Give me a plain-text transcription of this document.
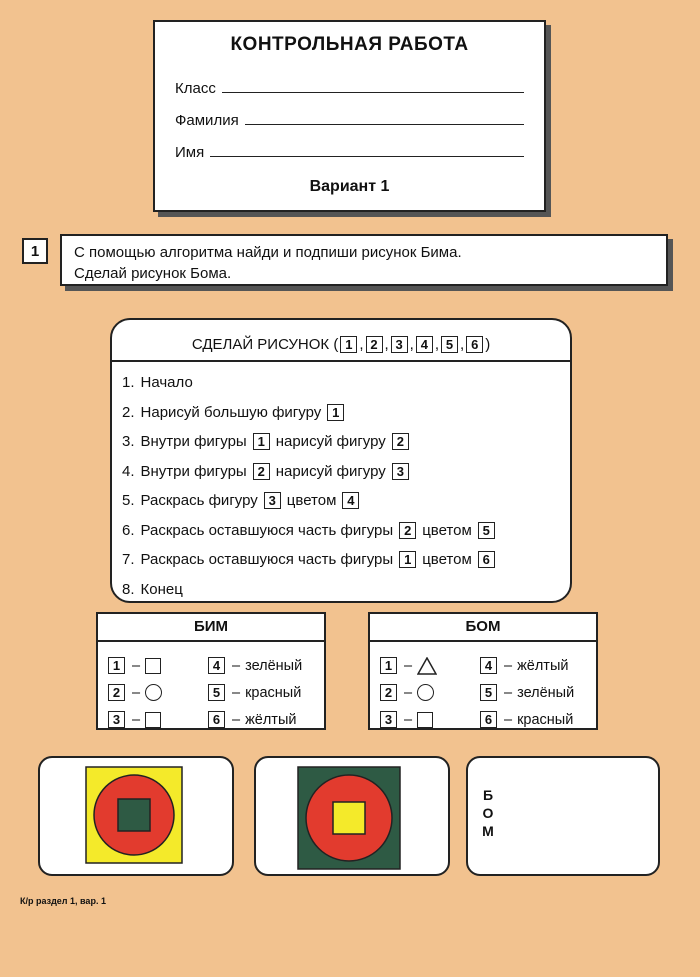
КОНТРОЛЬНАЯ РАБОТА
Класс
Фамилия
Имя
Вариант 1
1	С помощью алгоритма найди и подпиши рисунок Бима.
Сделай рисунок Бома.
СДЕЛАЙ РИСУНОК ( 1 , 2 , 3 , 4 , 5 , 6 )
1. Начало
2. Нарисуй большую фигуру 1
3. Внутри фигуры 1 нарисуй фигуру 2
4. Внутри фигуры 2 нарисуй фигуру 3
5. Раскрась фигуру 3 цветом 4
6. Раскрась оставшуюся часть фигуры 2 цветом 5
7. Раскрась оставшуюся часть фигуры 1 цветом 6
8. Конец
БИМ
1 –	4 – зелёный
2 –	5 – красный
3 –	6 – жёлтый
БОМ
1 –	4 – жёлтый
2 –	5 – зелёный
3 –	6 – красный
Б
О
М
К/р раздел 1, вар. 1
